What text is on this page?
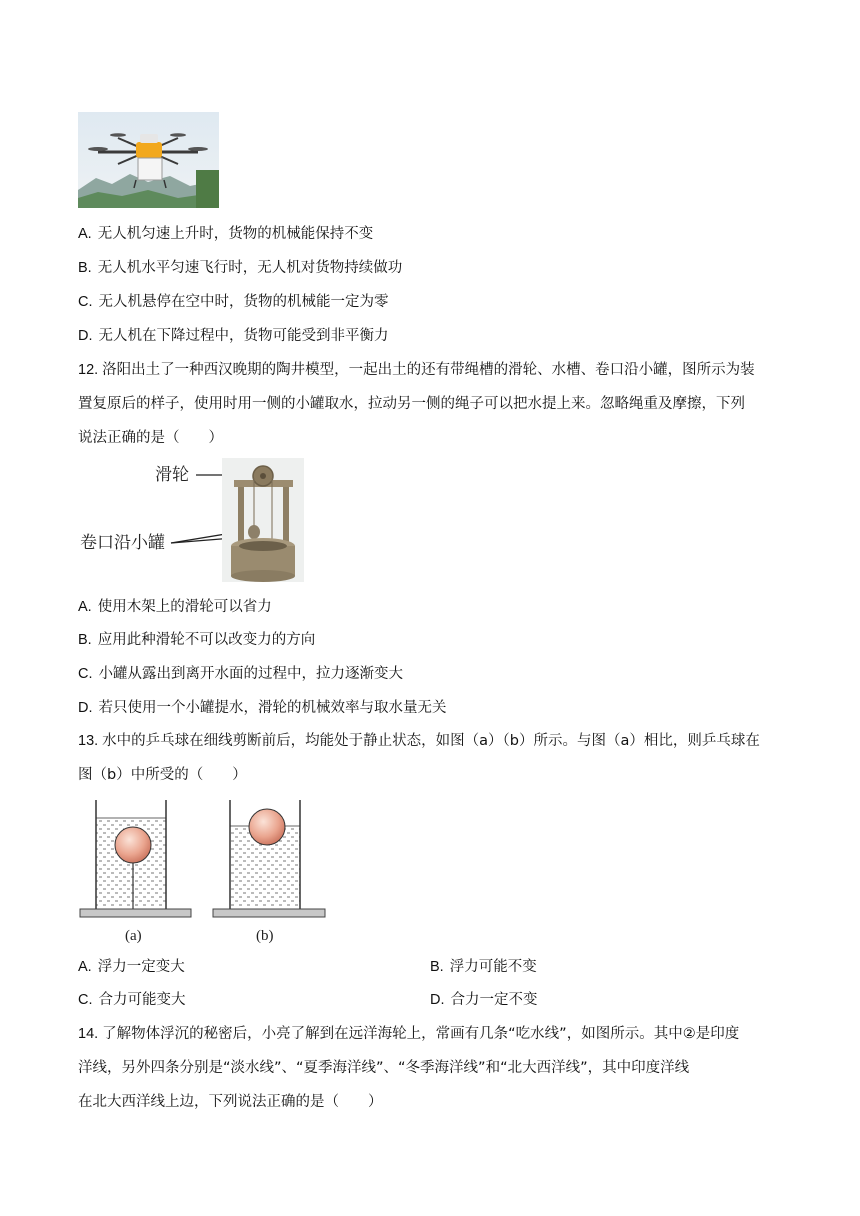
A. 无人机匀速上升时，货物的机械能保持不变
B. 无人机水平匀速飞行时，无人机对货物持续做功
C. 无人机悬停在空中时，货物的机械能一定为零
D. 无人机在下降过程中，货物可能受到非平衡力
12. 洛阳出土了一种西汉晚期的陶井模型，一起出土的还有带绳槽的滑轮、水槽、卷口沿小罐，图所示为装
置复原后的样子，使用时用一侧的小罐取水，拉动另一侧的绳子可以把水提上来。忽略绳重及摩擦，下列
说法正确的是（　　）
滑轮
卷口沿小罐
A. 使用木架上的滑轮可以省力
B. 应用此种滑轮不可以改变力的方向
C. 小罐从露出到离开水面的过程中，拉力逐渐变大
D. 若只使用一个小罐提水，滑轮的机械效率与取水量无关
13. 水中的乒乓球在细线剪断前后，均能处于静止状态，如图（a）（b）所示。与图（a）相比，则乒乓球在
图（b）中所受的（　　）
(a)	(b)
A. 浮力一定变大	B. 浮力可能不变
C. 合力可能变大	D. 合力一定不变
14. 了解物体浮沉的秘密后，小亮了解到在远洋海轮上，常画有几条“吃水线”，如图所示。其中②是印度
洋线，另外四条分别是“淡水线”、“夏季海洋线”、“冬季海洋线”和“北大西洋线”，其中印度洋线
在北大西洋线上边，下列说法正确的是（　　）
